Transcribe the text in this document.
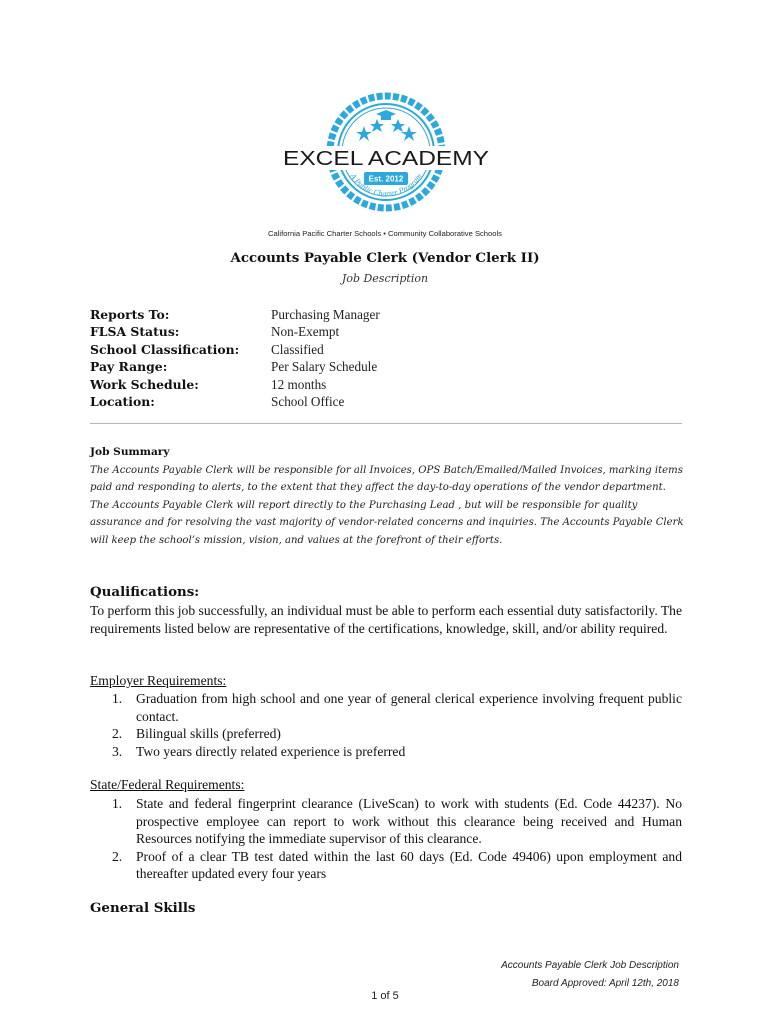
Est. 2012
A Public Charter Program
EXCEL ACADEMY
California Pacific Charter Schools • Community Collaborative Schools
Accounts Payable Clerk (Vendor Clerk II)
Job Description
Reports To:	Purchasing Manager
FLSA Status:	Non-Exempt
School Classification:	Classified
Pay Range:	Per Salary Schedule
Work Schedule:	12 months
Location:	School Office
Job Summary
The Accounts Payable Clerk will be responsible for all Invoices, OPS Batch/Emailed/Mailed Invoices, marking items paid and responding to alerts, to the extent that they affect the day-to-day operations of the vendor department. The Accounts Payable Clerk will report directly to the Purchasing Lead , but will be responsible for quality assurance and for resolving the vast majority of vendor-related concerns and inquiries. The Accounts Payable Clerk will keep the school’s mission, vision, and values at the forefront of their efforts.
Qualifications:
To perform this job successfully, an individual must be able to perform each essential duty satisfactorily. The requirements listed below are representative of the certifications, knowledge, skill, and/or ability required.
Employer Requirements:
1. Graduation from high school and one year of general clerical experience involving frequent public contact.
2. Bilingual skills (preferred)
3. Two years directly related experience is preferred
State/Federal Requirements:
1. State and federal fingerprint clearance (LiveScan) to work with students (Ed. Code 44237). No prospective employee can report to work without this clearance being received and Human Resources notifying the immediate supervisor of this clearance.
2. Proof of a clear TB test dated within the last 60 days (Ed. Code 49406) upon employment and thereafter updated every four years
General Skills
Accounts Payable Clerk Job Description
Board Approved: April 12th, 2018
1 of 5
